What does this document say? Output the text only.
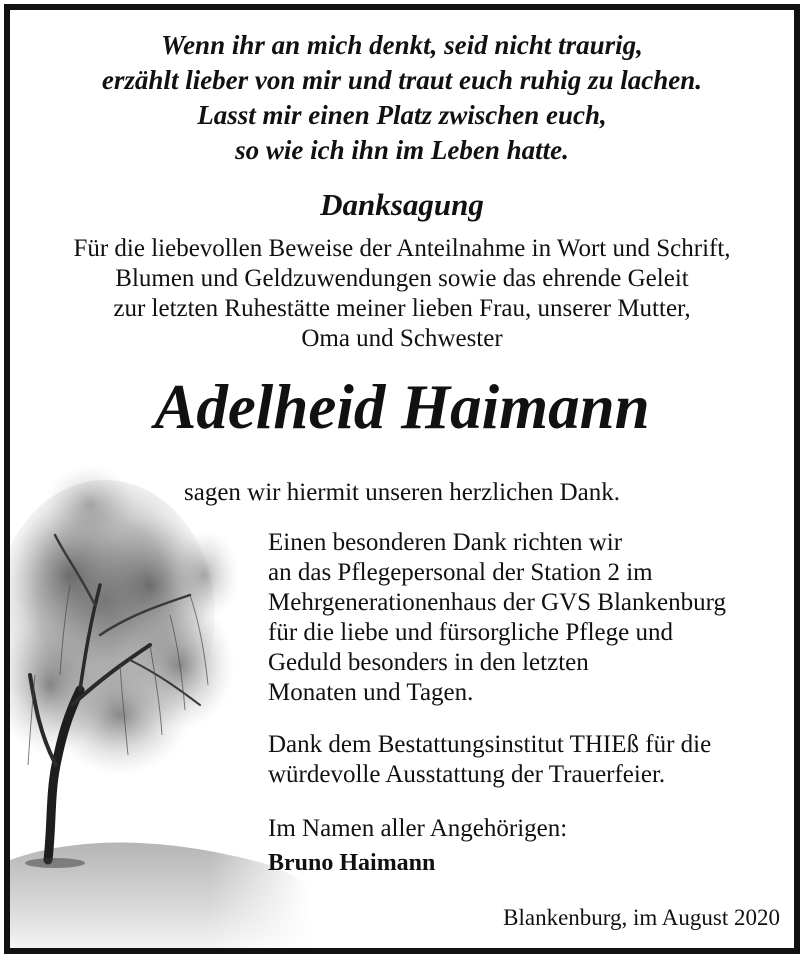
Wenn ihr an mich denkt, seid nicht traurig,
erzählt lieber von mir und traut euch ruhig zu lachen.
Lasst mir einen Platz zwischen euch,
so wie ich ihn im Leben hatte.
Danksagung
Für die liebevollen Beweise der Anteilnahme in Wort und Schrift,
Blumen und Geldzuwendungen sowie das ehrende Geleit
zur letzten Ruhestätte meiner lieben Frau, unserer Mutter,
Oma und Schwester
Adelheid Haimann
sagen wir hiermit unseren herzlichen Dank.
Einen besonderen Dank richten wir
an das Pflegepersonal der Station 2 im
Mehrgenerationenhaus der GVS Blankenburg
für die liebe und fürsorgliche Pflege und
Geduld besonders in den letzten
Monaten und Tagen.
Dank dem Bestattungsinstitut THIEß für die
würdevolle Ausstattung der Trauerfeier.
Im Namen aller Angehörigen:
Bruno Haimann
Blankenburg, im August 2020
